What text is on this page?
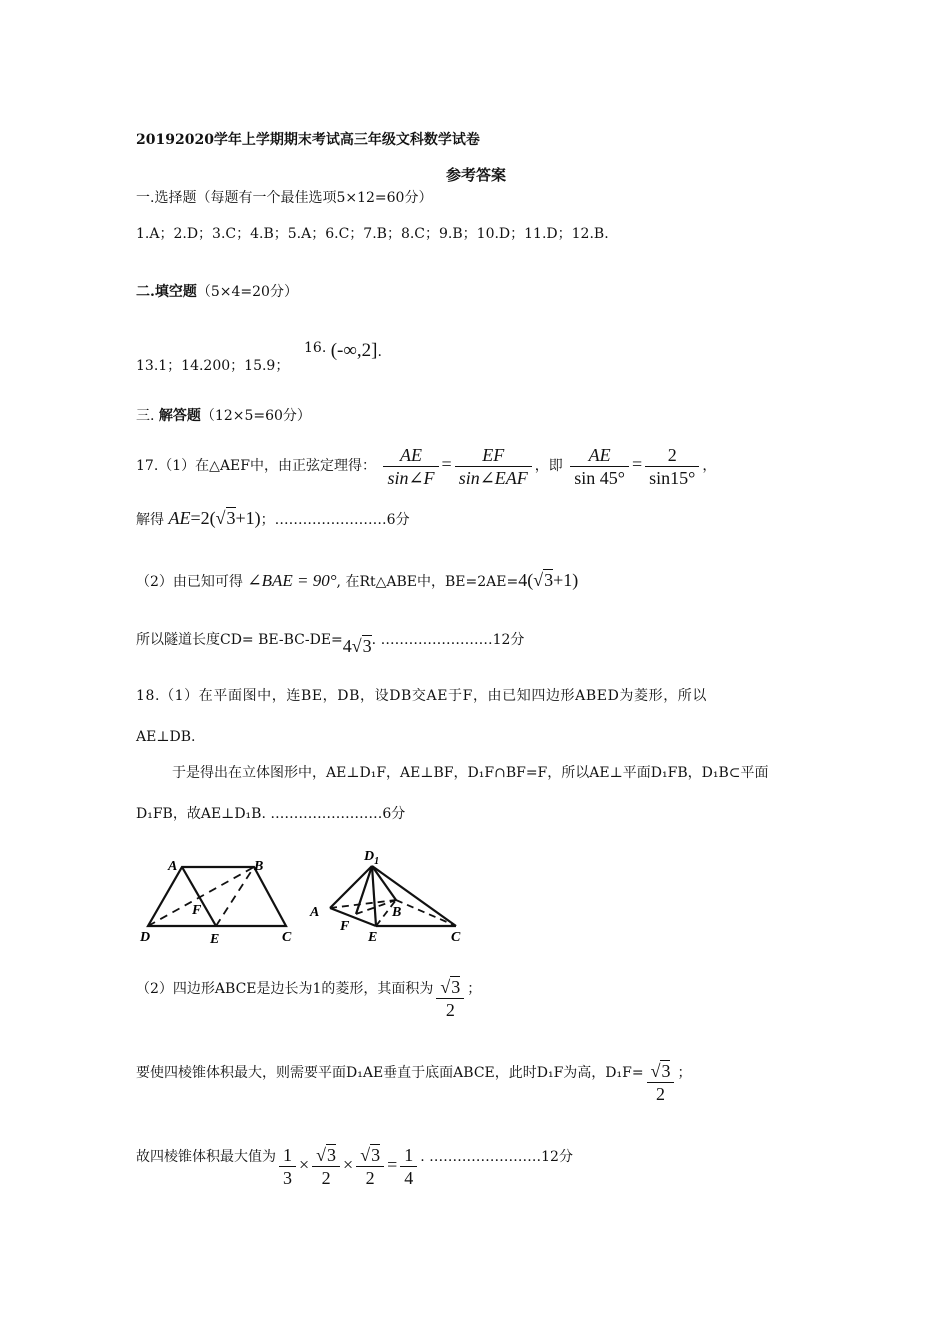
20192020学年上学期期末考试高三年级文科数学试卷
参考答案
一.选择题（每题有一个最佳选项5×12=60分）
1.A；2.D；3.C；4.B；5.A；6.C；7.B；8.C；9.B；10.D；11.D；12.B.
二.填空题（5×4=20分）
13.1；14.200；15.9；
16. (-∞,2].
三. 解答题（12×5=60分）
17.（1）在△AEF中，由正弦定理得： $\frac{AE}{\sin\angle F} = \frac{EF}{\text{sin∠EAF}}$ ，即 $\frac{AE}{\sin 45^\circ} = \frac{2}{\sin 15^\circ}$ ，
解得 AE=2(√3+1)；……………………6分
（2）由已知可得 ∠BAE = 90°, 在Rt△ABE中，BE=2AE=4(√3+1)
所以隧道长度CD= BE-BC-DE=4√3. ……………………12分
18.（1）在平面图中，连BE，DB，设DB交AE于F，由已知四边形ABED为菱形，所以
AE⊥DB.
于是得出在立体图形中，AE⊥D₁F，AE⊥BF，D₁F∩BF=F，所以AE⊥平面D₁FB，D₁B⊂平面
D₁FB，故AE⊥D₁B. ……………………6分
A	B
D	E	C
F
$D_1$
A	B
F
E	C
（2）四边形ABCE是边长为1的菱形，其面积为 $\frac{√3}{2}$ ；
要使四棱锥体积最大，则需要平面D₁AE垂直于底面ABCE，此时D₁F为高，$D_1F= \frac{√3}{2}$ ；
故四棱锥体积最大值为 $\frac{1}{3} \times \frac{√3}{2} \times \frac{√3}{2} = \frac{1}{4}$ . ……………………12分
